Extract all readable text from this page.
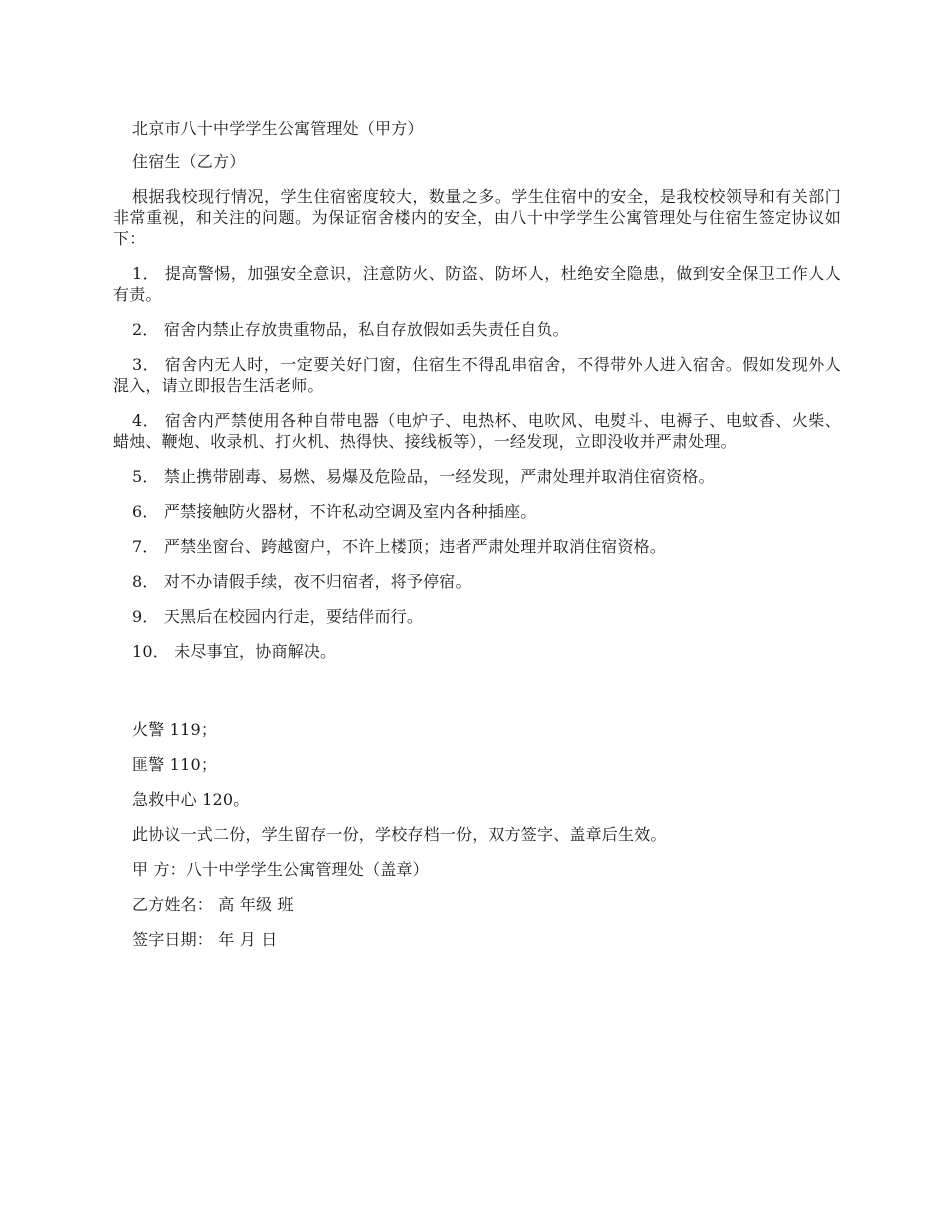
北京市八十中学学生公寓管理处（甲方）

住宿生（乙方）

根据我校现行情况，学生住宿密度较大，数量之多。学生住宿中的安全，是我校校领导和有关部门非常重视，和关注的问题。为保证宿舍楼内的安全，由八十中学学生公寓管理处与住宿生签定协议如下：

1． 提高警惕，加强安全意识，注意防火、防盗、防坏人，杜绝安全隐患，做到安全保卫工作人人有责。

2． 宿舍内禁止存放贵重物品，私自存放假如丢失责任自负。

3． 宿舍内无人时，一定要关好门窗，住宿生不得乱串宿舍，不得带外人进入宿舍。假如发现外人混入，请立即报告生活老师。

4． 宿舍内严禁使用各种自带电器（电炉子、电热杯、电吹风、电熨斗、电褥子、电蚊香、火柴、蜡烛、鞭炮、收录机、打火机、热得快、接线板等），一经发现，立即没收并严肃处理。

5． 禁止携带剧毒、易燃、易爆及危险品，一经发现，严肃处理并取消住宿资格。

6． 严禁接触防火器材，不许私动空调及室内各种插座。

7． 严禁坐窗台、跨越窗户，不许上楼顶；违者严肃处理并取消住宿资格。

8． 对不办请假手续，夜不归宿者，将予停宿。

9． 天黑后在校园内行走，要结伴而行。

10． 未尽事宜，协商解决。

火警 119；

匪警 110；

急救中心 120。

此协议一式二份，学生留存一份，学校存档一份，双方签字、盖章后生效。

甲 方：八十中学学生公寓管理处（盖章）

乙方姓名： 高 年级 班

签字日期： 年 月 日
